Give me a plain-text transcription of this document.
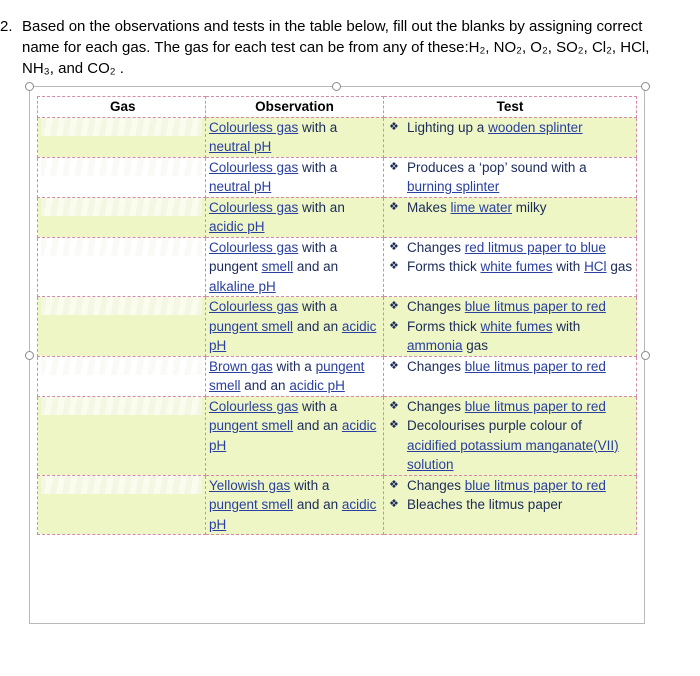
2. Based on the observations and tests in the table below, fill out the blanks by assigning correct name for each gas. The gas for each test can be from any of these:H₂, NO₂, O₂, SO₂, Cl₂, HCl, NH₃, and CO₂ .
Gas	Observation	Test

	Colourless gas with a neutral pH	❖ Lighting up a wooden splinter

	Colourless gas with a neutral pH	❖ Produces a ‘pop’ sound with a burning splinter

	Colourless gas with an acidic pH	❖ Makes lime water milky

	Colourless gas with a pungent smell and an alkaline pH	❖ Changes red litmus paper to blue
❖ Forms thick white fumes with HCl gas

	Colourless gas with a pungent smell and an acidic pH	❖ Changes blue litmus paper to red
❖ Forms thick white fumes with ammonia gas

	Brown gas with a pungent smell and an acidic pH	❖ Changes blue litmus paper to red

	Colourless gas with a pungent smell and an acidic pH	❖ Changes blue litmus paper to red
❖ Decolourises purple colour of acidified potassium manganate(VII) solution

	Yellowish gas with a pungent smell and an acidic pH	❖ Changes blue litmus paper to red
❖ Bleaches the litmus paper
